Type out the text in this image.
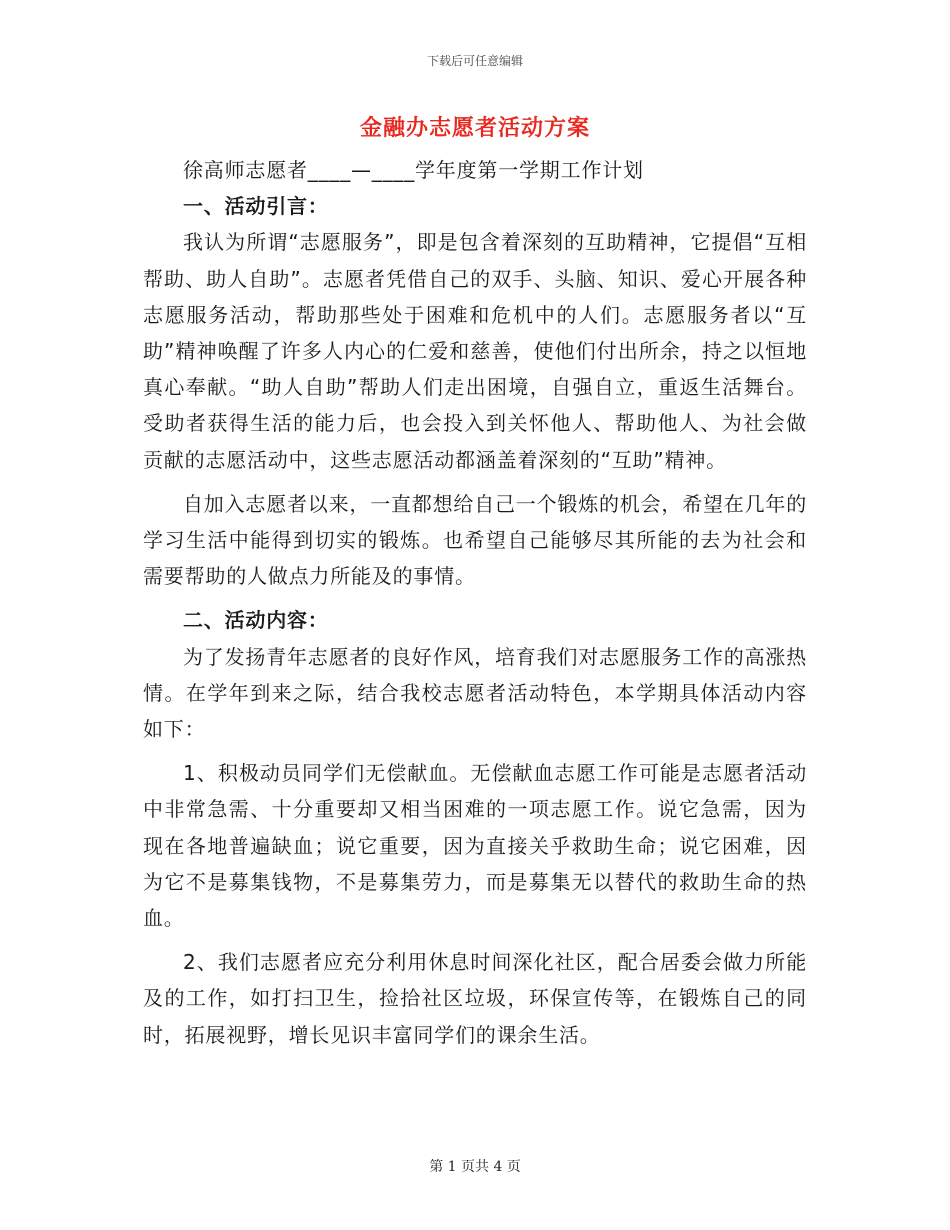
下载后可任意编辑
金融办志愿者活动方案

徐高师志愿者____—____学年度第一学期工作计划

一、活动引言：

我认为所谓“志愿服务”，即是包含着深刻的互助精神，它提倡“互相帮助、助人自助”。志愿者凭借自己的双手、头脑、知识、爱心开展各种志愿服务活动，帮助那些处于困难和危机中的人们。志愿服务者以“互助”精神唤醒了许多人内心的仁爱和慈善，使他们付出所余，持之以恒地真心奉献。“助人自助”帮助人们走出困境，自强自立，重返生活舞台。受助者获得生活的能力后，也会投入到关怀他人、帮助他人、为社会做贡献的志愿活动中，这些志愿活动都涵盖着深刻的“互助”精神。

自加入志愿者以来，一直都想给自己一个锻炼的机会，希望在几年的学习生活中能得到切实的锻炼。也希望自己能够尽其所能的去为社会和需要帮助的人做点力所能及的事情。

二、活动内容：

为了发扬青年志愿者的良好作风，培育我们对志愿服务工作的高涨热情。在学年到来之际，结合我校志愿者活动特色，本学期具体活动内容如下：

1、积极动员同学们无偿献血。无偿献血志愿工作可能是志愿者活动中非常急需、十分重要却又相当困难的一项志愿工作。说它急需，因为现在各地普遍缺血；说它重要，因为直接关乎救助生命；说它困难，因为它不是募集钱物，不是募集劳力，而是募集无以替代的救助生命的热血。

2、我们志愿者应充分利用休息时间深化社区，配合居委会做力所能及的工作，如打扫卫生，捡拾社区垃圾，环保宣传等，在锻炼自己的同时，拓展视野，增长见识丰富同学们的课余生活。

第 1 页共 4 页
